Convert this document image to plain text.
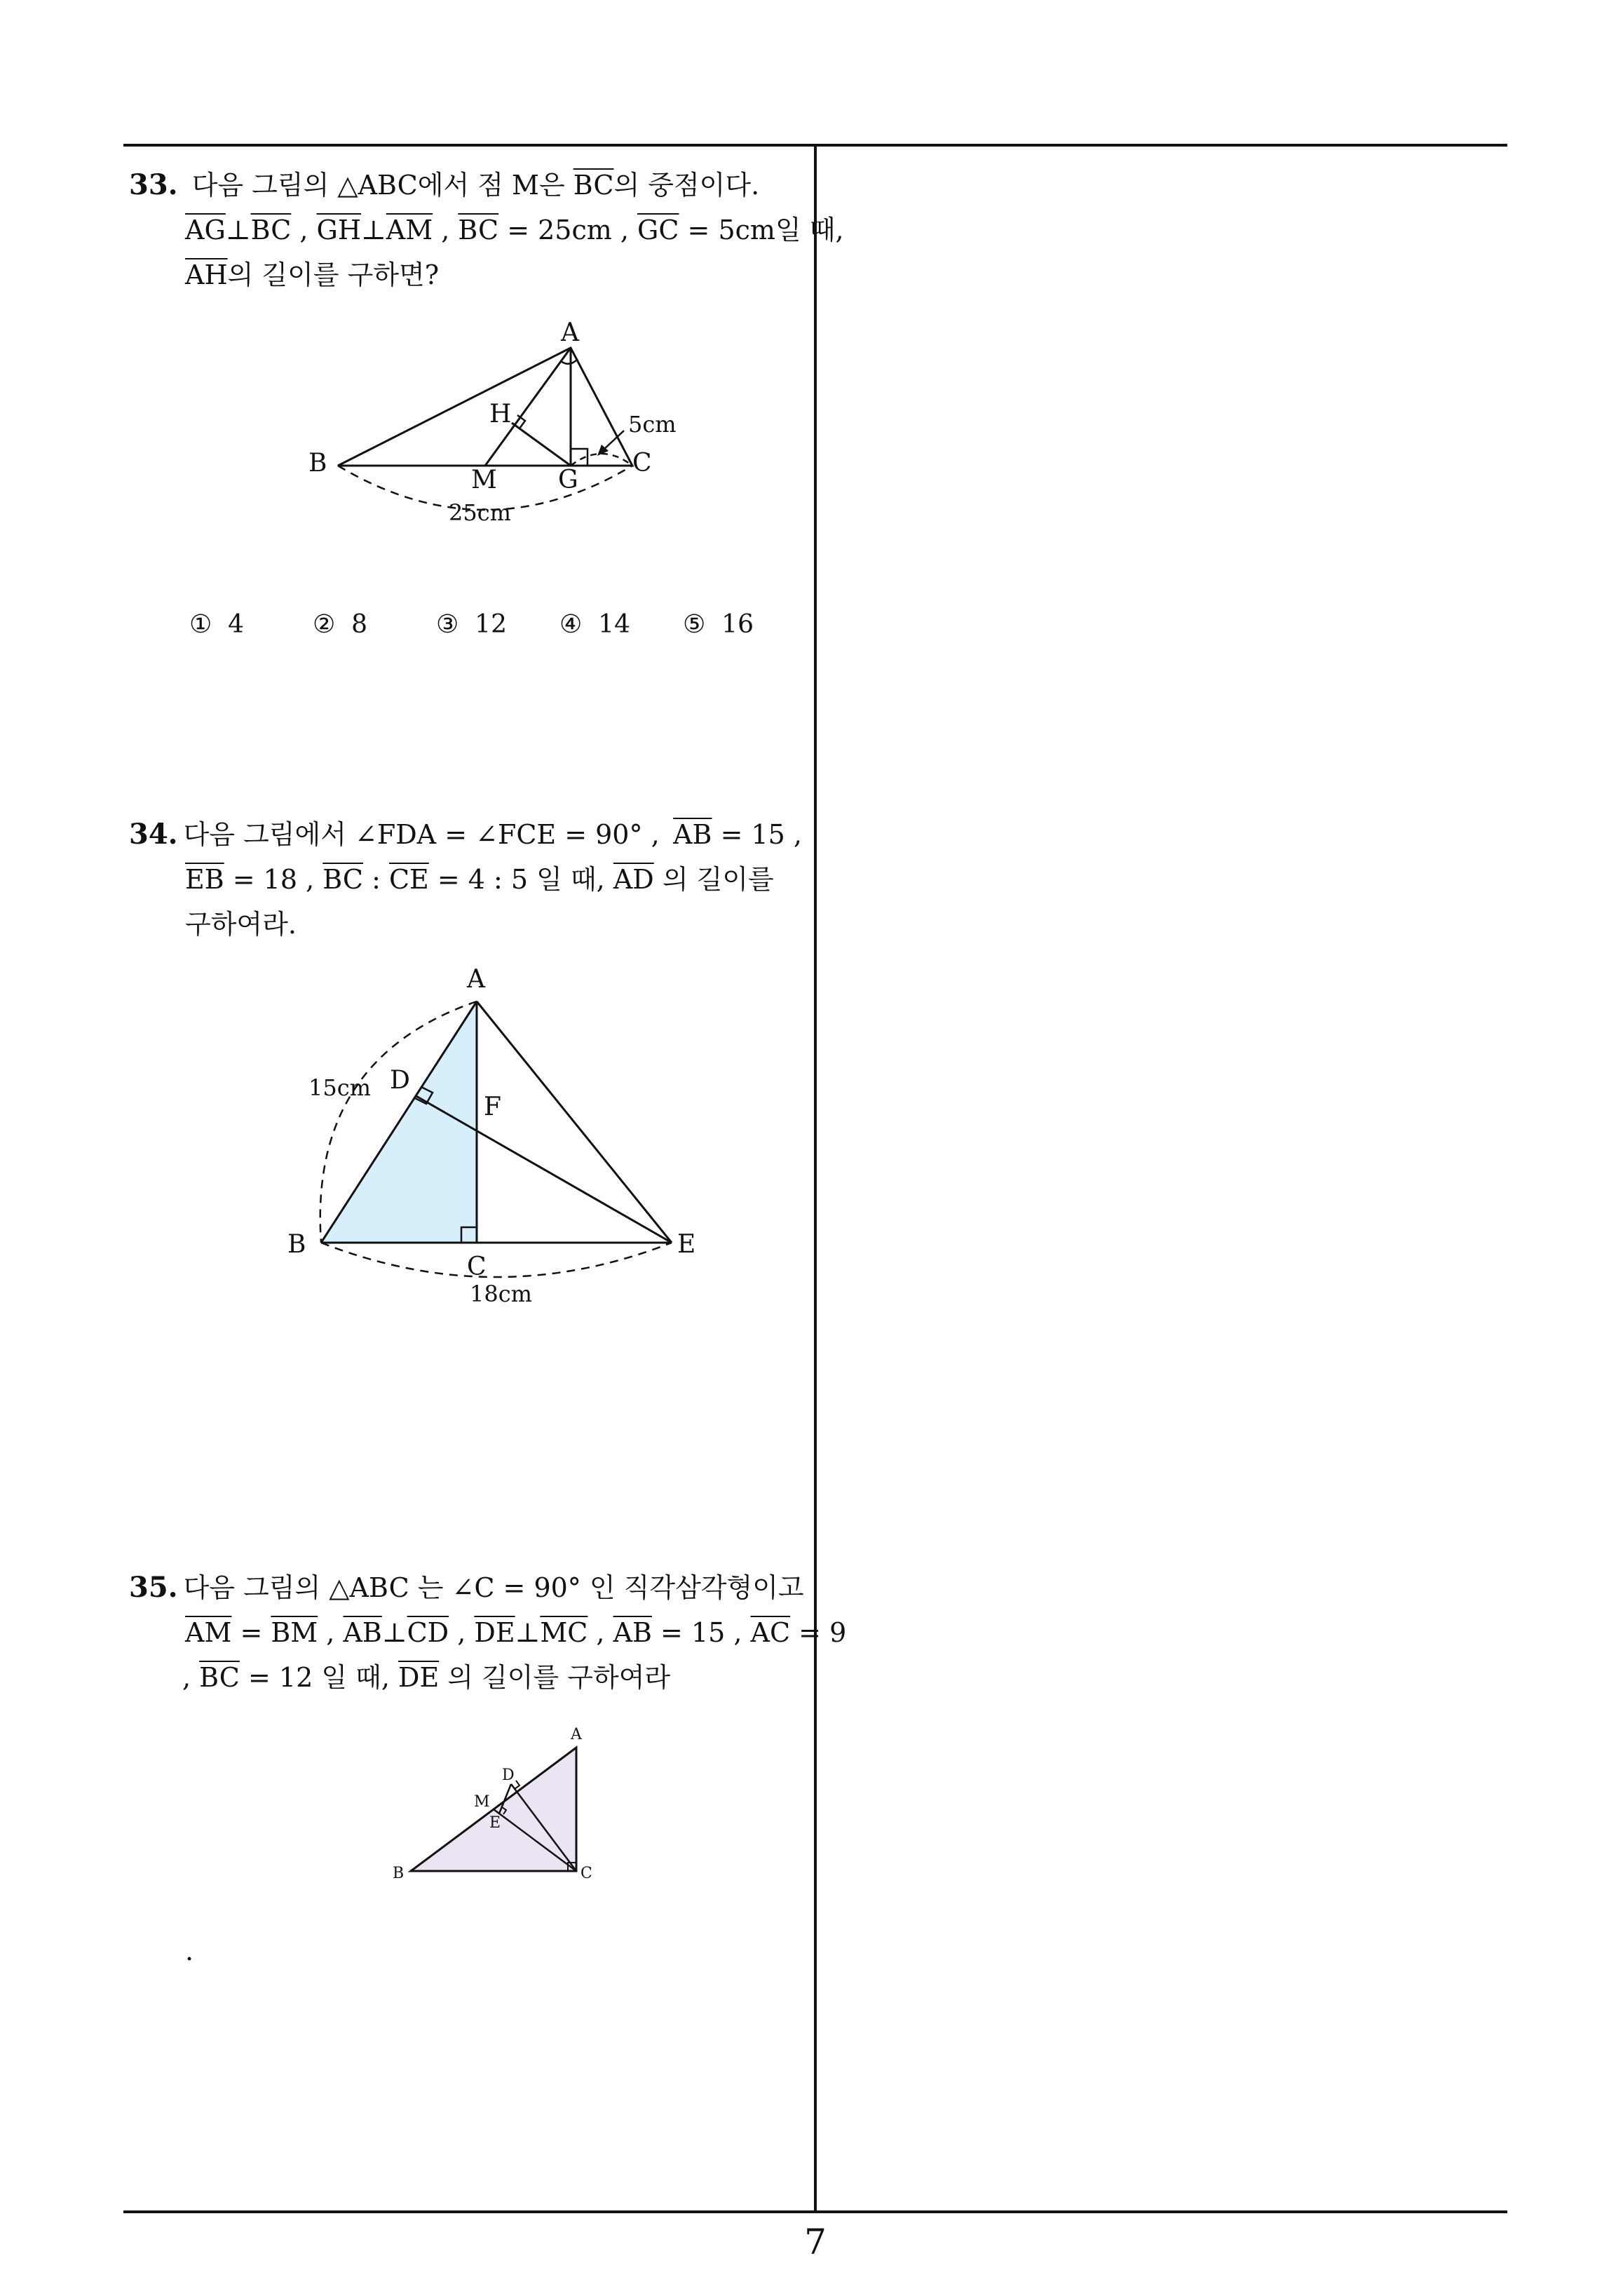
33. 다음 그림의 △ABC에서 점 M은 $\overline{BC}$의 중점이다.
$\overline{AG}\perp\overline{BC}$ , $\overline{GH}\perp\overline{AM}$ , $\overline{BC} = 25cm$ , $\overline{GC} = 5cm$일 때,
$\overline{AH}$의 길이를 구하면?
A
B	C
H
M G
5cm
25cm
① 4	② 8	③ 12 ④ 14 ⑤ 16
34. 다음 그림에서 ∠FDA = ∠FCE = 90° , $\overline{AB} = 15$ ,
$\overline{EB} = 18$ , $\overline{BC}$ : $\overline{CE} = 4$ : 5 일 때, $\overline{AD}$ 의 길이를
구하여라.
A
B
C
D
E
F
15cm
18cm
35. 다음 그림의 △ABC 는 ∠C = 90° 인 직각삼각형이고
$\overline{AM} = \overline{BM}$ , $\overline{AB}\perp\overline{CD}$ , $\overline{DE}\perp\overline{MC}$ , $\overline{AB} = 15$ , $\overline{AC} = 9$
, $\overline{BC} = 12$ 일 때, $\overline{DE}$ 의 길이를 구하여라
A
B	C
D
E
M
.
7
